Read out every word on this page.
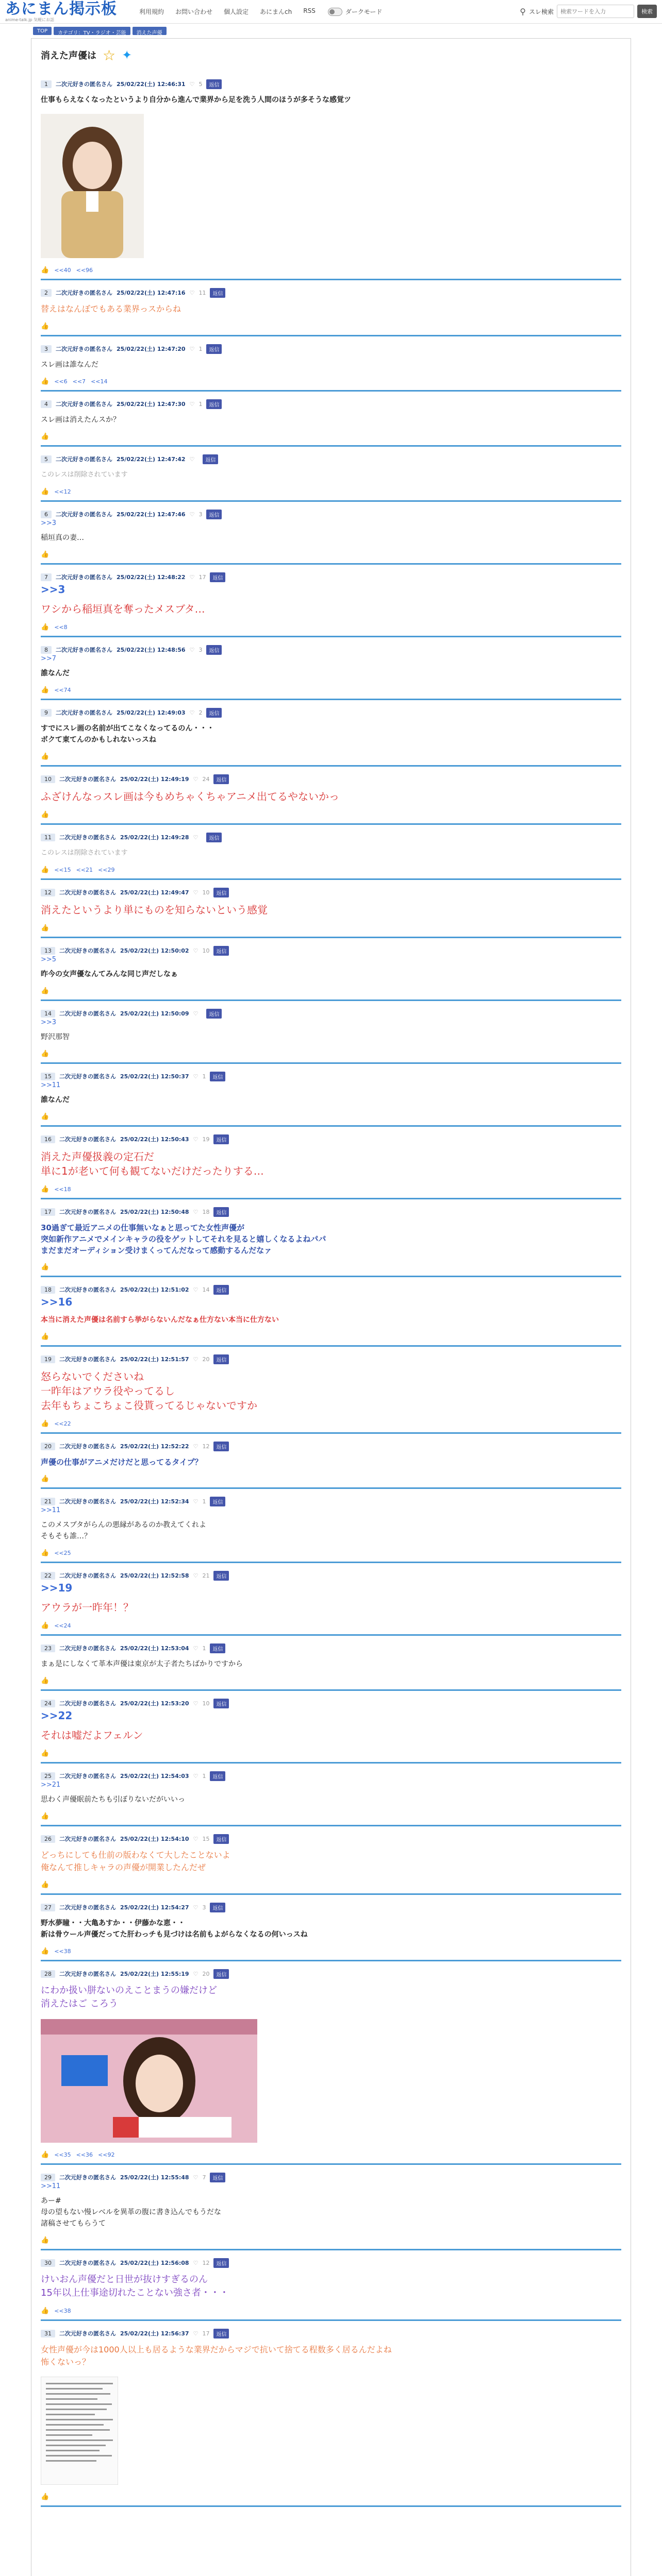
あにまん掲示板
anime-talk.jp 気軽にお話
利用規約 お問い合わせ 個人設定 あにまんch RSS	ダークモード	⚲ スレ検索
検索ワードを入力	検索
TOP	カテゴリ：TV・ラジオ・芸能	消えた声優
消えた声優は ☆ ✦
1	二次元好きの匿名さん 25/02/22(土) 12:46:31 ♡ 5	返信
仕事もらえなくなったというより自分から進んで業界から足を洗う人間のほうが多そうな感覚ツ
👍 <<40 <<96
2	二次元好きの匿名さん 25/02/22(土) 12:47:16 ♡ 11	返信
替えはなんぼでもある業界っスからね
👍
3	二次元好きの匿名さん 25/02/22(土) 12:47:20 ♡ 1	返信
スレ画は誰なんだ
👍 <<6 <<7 <<14
4	二次元好きの匿名さん 25/02/22(土) 12:47:30 ♡ 1	返信
スレ画は消えたんスか？
👍
5	二次元好きの匿名さん 25/02/22(土) 12:47:42 ♡	返信
このレスは削除されています
👍 <<12
6	二次元好きの匿名さん 25/02/22(土) 12:47:46 ♡ 3	返信
>>3
稲垣真の妻…
👍
7	二次元好きの匿名さん 25/02/22(土) 12:48:22 ♡ 17	返信
>>3
ワシから稲垣真を奪ったメスブタ…
👍 <<8
8	二次元好きの匿名さん 25/02/22(土) 12:48:56 ♡ 3	返信
>>7
誰なんだ
👍 <<74
9	二次元好きの匿名さん 25/02/22(土) 12:49:03 ♡ 2	返信
すでにスレ画の名前が出てこなくなってるのん・・・
ボクて東てんのかもしれないっスね
👍
10	二次元好きの匿名さん 25/02/22(土) 12:49:19 ♡ 24	返信
ふざけんなっスレ画は今もめちゃくちゃアニメ出てるやないかっ
👍
11	二次元好きの匿名さん 25/02/22(土) 12:49:28 ♡	返信
このレスは削除されています
👍 <<15 <<21 <<29
12	二次元好きの匿名さん 25/02/22(土) 12:49:47 ♡ 10	返信
消えたというより単にものを知らないという感覚
👍
13	二次元好きの匿名さん 25/02/22(土) 12:50:02 ♡ 10	返信
>>5
昨今の女声優なんてみんな同じ声だしなぁ
👍
14	二次元好きの匿名さん 25/02/22(土) 12:50:09 ♡	返信
>>3
野沢那智
👍
15	二次元好きの匿名さん 25/02/22(土) 12:50:37 ♡ 1	返信
>>11
誰なんだ
👍
16	二次元好きの匿名さん 25/02/22(土) 12:50:43 ♡ 19	返信
消えた声優扱義の定石だ
単に1が老いて何も観てないだけだったりする…
👍 <<18
17	二次元好きの匿名さん 25/02/22(土) 12:50:48 ♡ 18	返信
30過ぎて最近アニメの仕事無いなぁと思ってた女性声優が
突如新作アニメでメインキャラの役をゲットしてそれを見ると嬉しくなるよねパパ
まだまだオーディション受けまくってんだなって感動するんだなァ
👍
18	二次元好きの匿名さん 25/02/22(土) 12:51:02 ♡ 14	返信
>>16
本当に消えた声優は名前すら挙がらないんだなぁ仕方ない本当に仕方ない
👍
19	二次元好きの匿名さん 25/02/22(土) 12:51:57 ♡ 20	返信
怒らないでくださいね
一昨年はアウラ役やってるし
去年もちょこちょこ役貰ってるじゃないですか
👍 <<22
20	二次元好きの匿名さん 25/02/22(土) 12:52:22 ♡ 12	返信
声優の仕事がアニメだけだと思ってるタイプ？
👍
21	二次元好きの匿名さん 25/02/22(土) 12:52:34 ♡ 1	返信
>>11
このメスブタがらんの悪縁があるのか教えてくれよ
そもそも誰…？
👍 <<25
22	二次元好きの匿名さん 25/02/22(土) 12:52:58 ♡ 21	返信
>>19
アウラが一昨年！？
👍 <<24
23	二次元好きの匿名さん 25/02/22(土) 12:53:04 ♡ 1	返信
まぁ是にしなくて革本声優は東京が太子者たちばかりですから
👍
24	二次元好きの匿名さん 25/02/22(土) 12:53:20 ♡ 10	返信
>>22
それは嘘だよフェルン
👍
25	二次元好きの匿名さん 25/02/22(土) 12:54:03 ♡ 1	返信
>>21
思わく声優眠前たちも引ぼりないだがいいっ
👍
26	二次元好きの匿名さん 25/02/22(土) 12:54:10 ♡ 15	返信
どっちにしても仕前の版わなくて大したことないよ
俺なんて推しキャラの声優が開業したんだぜ
👍
27	二次元好きの匿名さん 25/02/22(土) 12:54:27 ♡ 3	返信
野水夢瞳・・大亀あすか・・伊藤かな恵・・
新は骨ウール声優だってた肝わっチも見づけは名前もよがらなくなるの何いっスね
👍 <<38
28	二次元好きの匿名さん 25/02/22(土) 12:55:19 ♡ 20	返信
にわか扱い胼ないのえことまうの嫌だけど
消えたはご ころう
👍 <<35 <<36 <<92
29	二次元好きの匿名さん 25/02/22(土) 12:55:48 ♡ 7	返信
>>11
あー#
母の望もない慢レベルを異革の腹に書き込んでもうだな
諸稿させてもらうて
👍
30	二次元好きの匿名さん 25/02/22(土) 12:56:08 ♡ 12	返信
けいおん声優だと日世が抜けすぎるのん
15年以上仕事途切れたことない強さ者・・・
👍 <<38
31	二次元好きの匿名さん 25/02/22(土) 12:56:37 ♡ 17	返信
女性声優が今は1000人以上も居るような業界だからマジで抗いて捨てる程数多く居るんだよね
怖くないっ？
👍
